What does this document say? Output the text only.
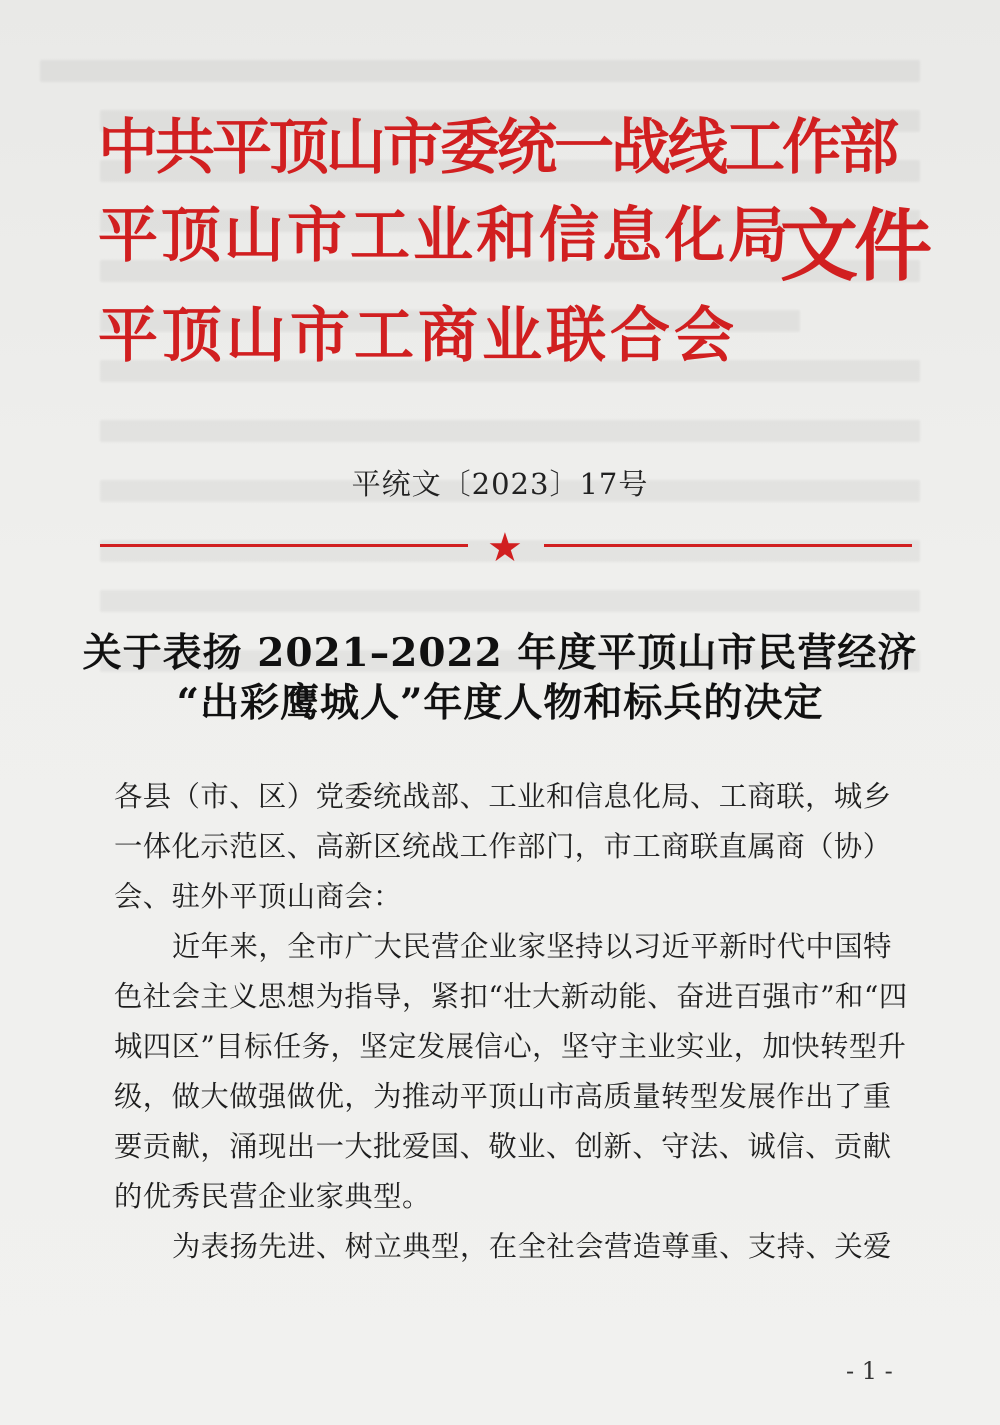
中共平顶山市委统一战线工作部
平顶山市工业和信息化局
平顶山市工商业联合会
文件
平统文〔2023〕17号
★
关于表扬 2021–2022 年度平顶山市民营经济
“出彩鹰城人”年度人物和标兵的决定

各县（市、区）党委统战部、工业和信息化局、工商联，城乡一体化示范区、高新区统战工作部门，市工商联直属商（协）会、驻外平顶山商会：

近年来，全市广大民营企业家坚持以习近平新时代中国特色社会主义思想为指导，紧扣“壮大新动能、奋进百强市”和“四城四区”目标任务，坚定发展信心，坚守主业实业，加快转型升级，做大做强做优，为推动平顶山市高质量转型发展作出了重要贡献，涌现出一大批爱国、敬业、创新、守法、诚信、贡献的优秀民营企业家典型。

为表扬先进、树立典型，在全社会营造尊重、支持、关爱

- 1 -
